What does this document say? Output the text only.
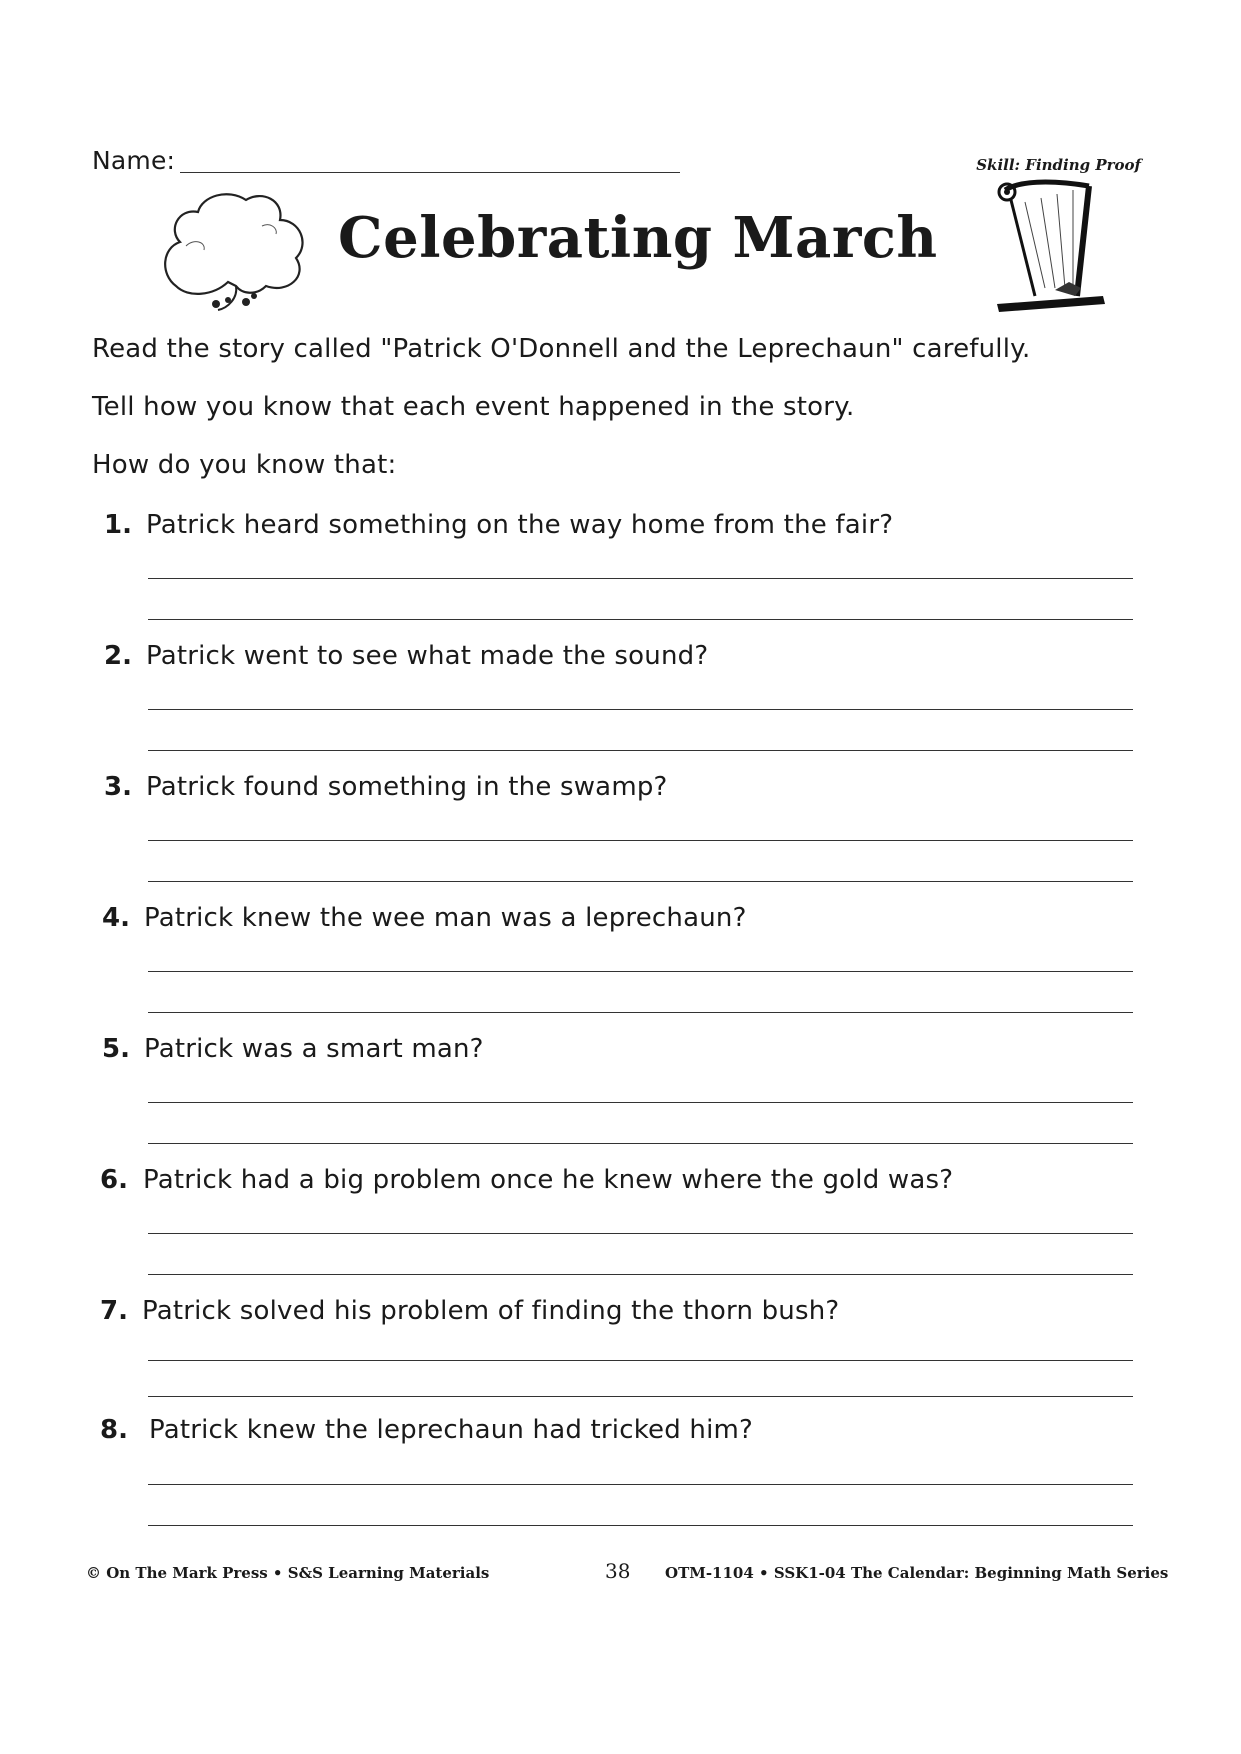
Name:	Skill: Finding Proof
Celebrating March
Read the story called "Patrick O'Donnell and the Leprechaun" carefully.
Tell how you know that each event happened in the story.
How do you know that:
1. Patrick heard something on the way home from the fair?
2. Patrick went to see what made the sound?
3. Patrick found something in the swamp?
4. Patrick knew the wee man was a leprechaun?
5. Patrick was a smart man?
6. Patrick had a big problem once he knew where the gold was?
7. Patrick solved his problem of finding the thorn bush?
8. Patrick knew the leprechaun had tricked him?
© On The Mark Press • S&S Learning Materials	38 OTM-1104 • SSK1-04 The Calendar: Beginning Math Series
